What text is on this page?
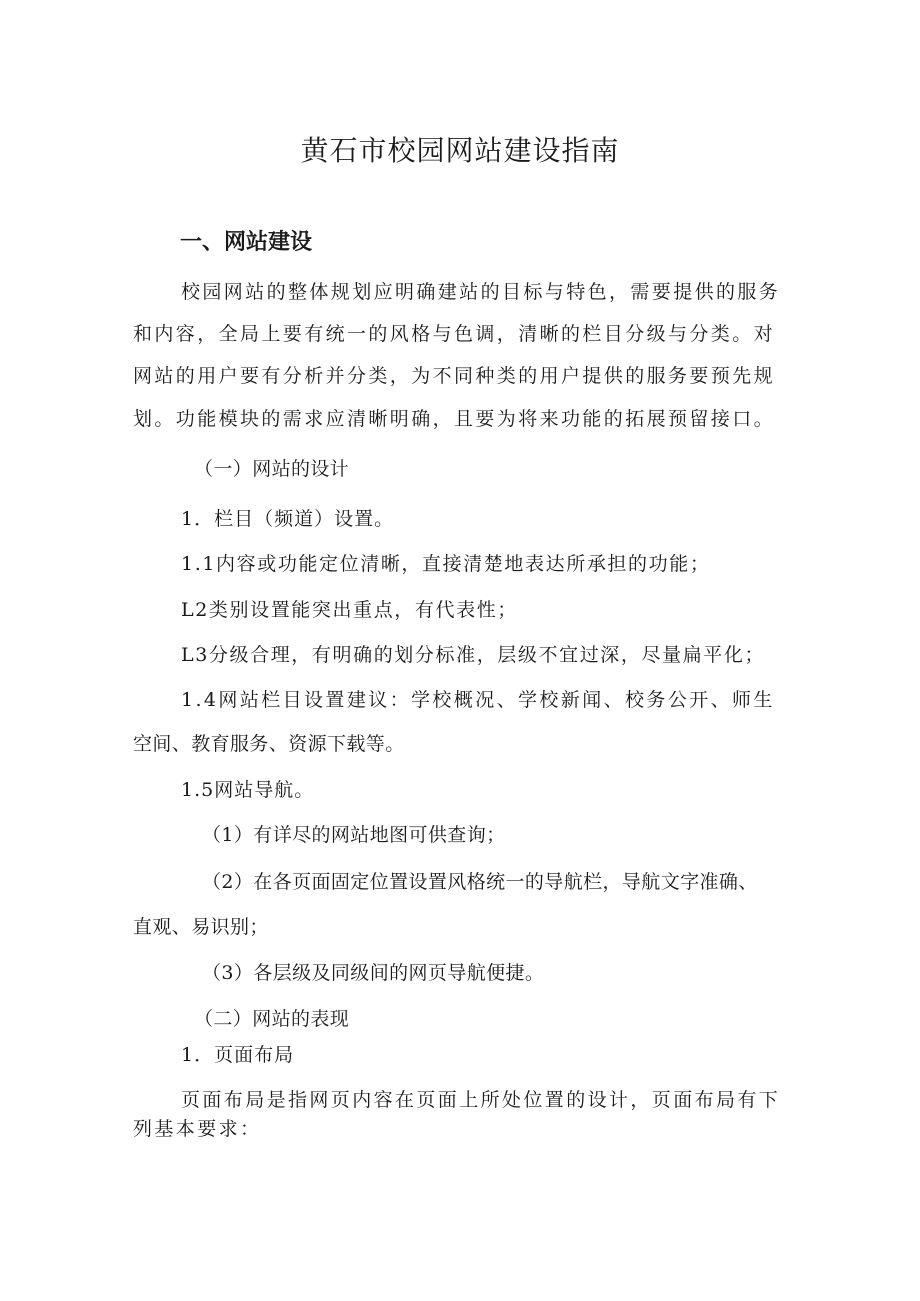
黄石市校园网站建设指南
一、网站建设
校园网站的整体规划应明确建站的目标与特色，需要提供的服务
和内容，全局上要有统一的风格与色调，清晰的栏目分级与分类。对
网站的用户要有分析并分类，为不同种类的用户提供的服务要预先规
划。功能模块的需求应清晰明确，且要为将来功能的拓展预留接口。
（一）网站的设计
1．栏目（频道）设置。
1.1内容或功能定位清晰，直接清楚地表达所承担的功能；
L2类别设置能突出重点，有代表性；
L3分级合理，有明确的划分标准，层级不宜过深，尽量扁平化；
1.4网站栏目设置建议：学校概况、学校新闻、校务公开、师生
空间、教育服务、资源下载等。
1.5网站导航。
（1）有详尽的网站地图可供查询；
（2）在各页面固定位置设置风格统一的导航栏，导航文字准确、
直观、易识别；
（3）各层级及同级间的网页导航便捷。
（二）网站的表现
1．页面布局
页面布局是指网页内容在页面上所处位置的设计，页面布局有下
列基本要求：
